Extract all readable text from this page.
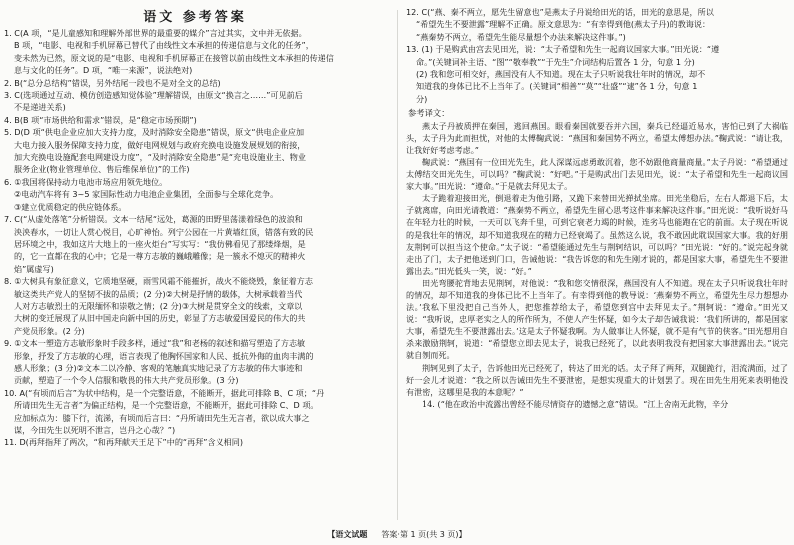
语文 参考答案
1. C(A 项，“是儿童感知和理解外部世界的最重要的媒介”言过其实，文中并无依据。
B 项，“电影、电视和手机屏幕已替代了由线性文本承担的传递信息与文化的任务”，
变未然为已然，原文说的是“电影、电视和手机屏幕正在接管以前由线性文本承担的传递信
息与文化的任务”。D 项，“唯一来源”，说法绝对)
2. B(“总分总结构”错误，另外结尾一段也不是对全文的总结)
3. C(选项通过互动、模仿创造感知觉体验”理解错误，由原文“换言之……”可见前后
不是递进关系)
4. B(B 项“市场供给和需求”错误，是“稳定市场预期”)
5. D(D 项“供电企业应加大支持力度，及时消除安全隐患”错误，原文“供电企业应加
大电力接入服务保障支持力度，做好电网规划与政府充换电设施发展规划的衔接，
加大充换电设施配套电网建设力度”，“及时消除安全隐患”是“充电设施业主、物业
服务企业(物业管理单位、售后维保单位)”的工作)
6. ①我国将保持动力电池市场应用领先地位。
②电动汽车将有 3~5 家国际性动力电池企业集团，全面参与全球化竞争。
③建立优质稳定的供应链体系。
7. C(“从虚处落笔”分析错误。文本一结尾“远处，葛源的田野里荡漾着绿色的波浪和
泱泱春水，一切让人赏心悦目，心旷神怡。列宁公园在一片黄墙红顶，错落有致的民
居环境之中，我如这片大地上的一座火炬台”写实写：“我仿佛看见了那缕烽烟，是
的，它一直都在我的心中；它是一尊方志敏的巍峨雕像；是一簇永不熄灭的精神火
焰”属虚写)
8. ①大树具有象征意义，它质地坚硬，雨雪风霜不能摧折，战火不能烧毁，象征着方志
敏这类共产党人的坚韧不拔的品质；(2 分)②大树是抒情的载体，大树承载着当代
人对方志敏烈士的无限缅怀和崇敬之情；(2 分)③大树是贯穿全文的线索，文章以
大树的变迁展现了从旧中国走向新中国的历史，彰显了方志敏爱国爱民的伟大的共
产党员形象。(2 分)
9. ①文本一塑造方志敏形象时手段多样，通过“我”和老杨的叙述和描写塑造了方志敏
形象，抒发了方志敏的心理，语言表现了他胸怀国家和人民、抵抗外侮的血肉丰满的
感人形象；(3 分)②文本二以冷静、客观的笔触真实地记录了方志敏的伟大事迹和
贡献，塑造了一个令人信服和敬畏的伟大共产党员形象。(3 分)
10. A(“有顷而后言”为状中结构，是一个完整语意，不能断开，据此可排除 B、C 项；“丹
所请田先生无言者”为偏正结构，是一个完整语意，不能断开，据此可排除 C、D 项。
应加标点为：膝下行，流涕，有顷而后言曰：“丹所请田先生无言者，欲以成大事之
谋，今田先生以死明不泄言，岂丹之心哉？”)
11. D(再拜指拜了两次，“和再拜献天王足下”中的“再拜”含义相同)
12. C(“燕、秦不两立，愿先生留意也”是燕太子丹说给田光的话，田光的意思是，所以
“希望先生不要泄露”理解不正确。原文意思为：“有幸得到他(燕太子丹)的教诲说：
“燕秦势不两立，希望先生能尽量想个办法来解决这件事。”)
13. (1) 于是购武由宫去见田光，说：“太子希望和先生一起商议国家大事。”田光说：“遵
命。”(关键词补主语、“图”“敬奉教”“于先生”介词结构后置各 1 分，句意 1 分)
(2) 我和您可相交好，燕国没有人不知道。现在太子只听说我壮年时的情况，却不
知道我的身体已比不上当年了。(关键词“相善”“莫”“壮盛”“逮”各 1 分，句意 1
分)
参考译文：
燕太子丹被质押在秦国，逃回燕国。眼看秦国就要吞并六国，秦兵已经逼近易水，害怕已到了大祸临头，太子丹为此而担忧，对他的太傅鞠武说：“燕国和秦国势不两立，希望太傅想办法。”鞠武说：“请让我，让我好好考虑考虑。”
鞠武说：“燕国有一位田光先生，此人深谋远虑勇敢沉着，您不妨跟他商量商量。”太子丹说：“希望通过太傅结交田光先生，可以吗？”鞠武说：“好吧。”于是购武出门去见田光，说：“太子希望和先生一起商议国家大事。”田光说：“遵命。”于是就去拜见太子。
太子跪着迎接田光，倒退着走为他引路，又跪下来替田光掸拭坐席。田光坐稳后，左右人都退下后，太子就离席，向田光请教道：“燕秦势不两立，希望先生留心思考这件事来解决这件事。”田光说：“我听说好马在年轻力壮的时候，一天可以飞奔千里，可到它衰老力竭的时候，连劣马也能跑在它的前面。太子现在听说的是我壮年的情况，却不知道我现在的精力已经衰竭了。虽然这么说，我不敢因此耽误国家大事。我的好朋友荆轲可以担当这个使命。”太子说：“希望能通过先生与荆轲结识，可以吗？”田光说：“好的。”说完起身就走出了门，太子把他送到门口，告诫他说：“我告诉您的和先生刚才说的，都是国家大事，希望先生不要泄露出去。”田光低头一笑，说：“好。”
田光弯腰驼背地去见荆轲，对他说：“我和您交情很深，燕国没有人不知道。现在太子只听说我壮年时的情况，却不知道我的身体已比不上当年了。有幸得到他的教导说：‘燕秦势不两立，希望先生尽力想想办法。’我私下里没把自己当外人，把您推荐给太子，希望您到宫中去拜见太子。”荆轲说：“遵命。”田光又说：“我听说，忠厚老实之人的所作所为，不使人产生怀疑，如今太子却告诫我说：‘我们所讲的，都是国家大事，希望先生不要泄露出去。’这是太子怀疑我啊。为人做事让人怀疑，就不是有气节的侠客。”田光想用自杀来激励荆轲，说道：“希望您立即去见太子，说我已经死了，以此表明我没有把国家大事泄露出去。”说完就自刎而死。
荆轲见到了太子，告诉他田光已经死了，转达了田光的话。太子拜了两拜，双腿跪行，泪流满面，过了好一会儿才说道：“我之所以告诫田先生不要泄密，是想实现重大的计划罢了。现在田先生用死来表明他没有泄密，这哪里是我的本意呢？”
14. (“他在政治中流露出曾经不能尽情资存的遗憾之意”错误。“江上舍南无此物，辛分
【语文试题 答案·第 1 页(共 3 页)】
